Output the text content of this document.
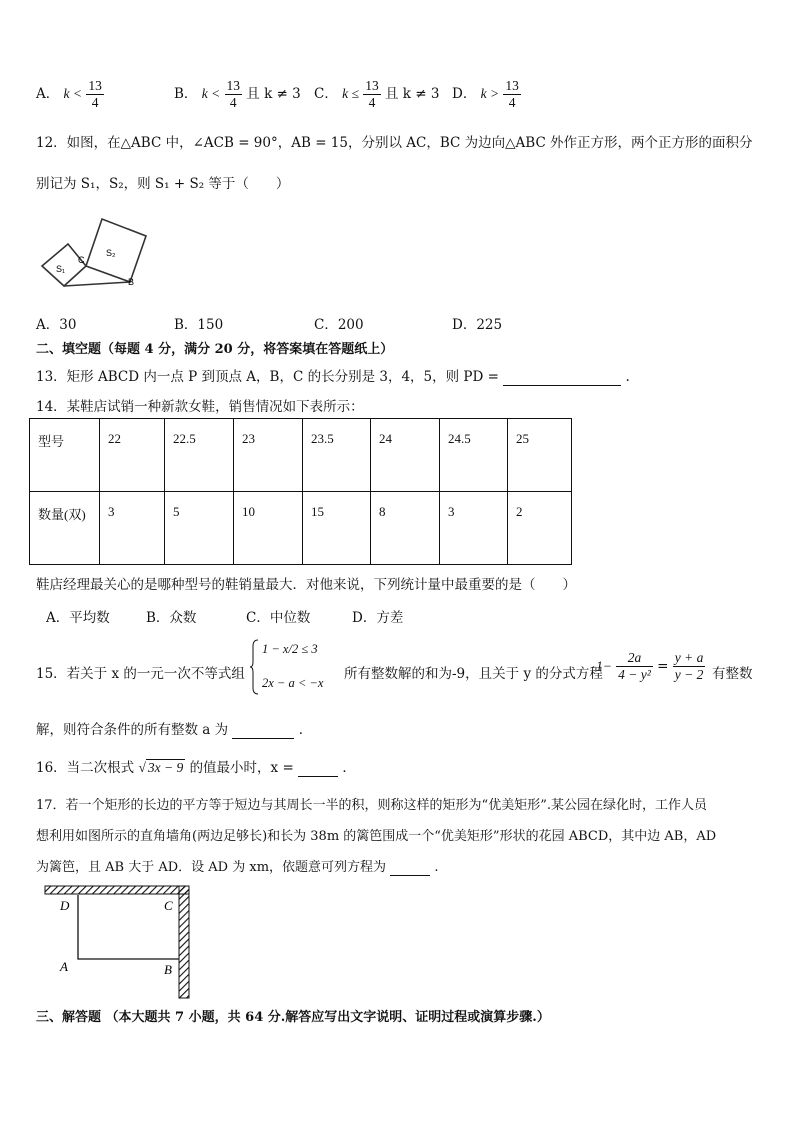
A． $k < \frac{13}{4}$	B． $k < \frac{13}{4}$ 且 k ≠ 3 C． $k \le \frac{13}{4}$ 且 k ≠ 3 D． $k > \frac{13}{4}$
12．如图，在△ABC 中，∠ACB = 90°，AB = 15，分别以 AC，BC 为边向△ABC 外作正方形，两个正方形的面积分
别记为 S₁，S₂，则 S₁ + S₂ 等于（　　）
C
S₁
S₂
B
A．30	B．150	C．200	D．225
二、填空题（每题 4 分，满分 20 分，将答案填在答题纸上）
13．矩形 ABCD 内一点 P 到顶点 A，B，C 的长分别是 3，4，5，则 PD =	.
14．某鞋店试销一种新款女鞋，销售情况如下表所示：
型号	22	22.5	23	23.5	24	24.5	25
数量(双)	3	5	10	15	8	3	2
鞋店经理最关心的是哪种型号的鞋销量最大．对他来说，下列统计量中最重要的是（　　）
A．平均数	B．众数	C．中位数	D．方差
15．若关于 x 的一元一次不等式组
1 − x/2 ≤ 3
2x − a < −x
所有整数解的和为-9，且关于 y 的分式方程
$1- \frac{2a}{\text{4 − y²}} = \frac{y + a}{y - 2}$ 有整数
解，则符合条件的所有整数 a 为	．
16．当二次根式 √ 3x − 9 的值最小时，x =	．
17．若一个矩形的长边的平方等于短边与其周长一半的积，则称这样的矩形为“优美矩形”.某公园在绿化时，工作人员
想利用如图所示的直角墙角(两边足够长)和长为 38m 的篱笆围成一个“优美矩形”形状的花园 ABCD，其中边 AB，AD
为篱笆，且 AB 大于 AD．设 AD 为 xm，依题意可列方程为	.
D	C
A	B
三、解答题 （本大题共 7 小题，共 64 分.解答应写出文字说明、证明过程或演算步骤.）
